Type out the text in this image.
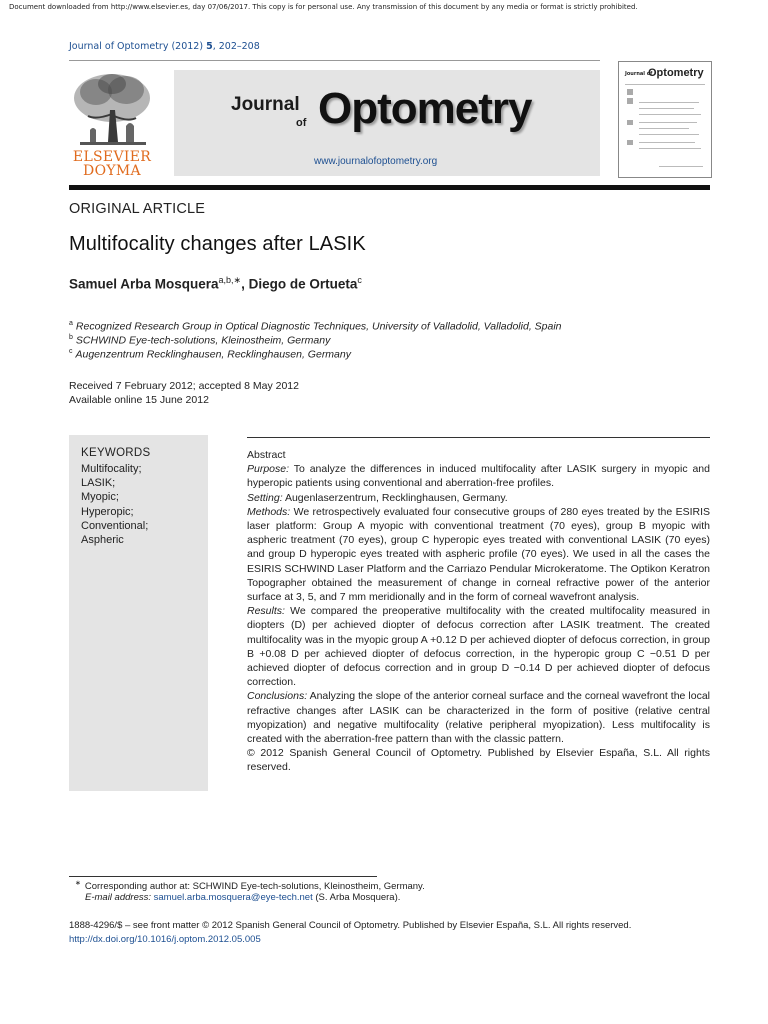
Document downloaded from http://www.elsevier.es, day 07/06/2017. This copy is for personal use. Any transmission of this document by any media or format is strictly prohibited.
Journal of Optometry (2012) 5, 202–208
ELSEVIER
DOYMA
Journal
of Optometry
www.journalofoptometry.org
Journal of
Optometry
ORIGINAL ARTICLE
Multifocality changes after LASIK
Samuel Arba Mosquera$^{a,b,∗}$, Diego de Ortueta$^c$
$^a$ Recognized Research Group in Optical Diagnostic Techniques, University of Valladolid, Valladolid, Spain
$^b$ SCHWIND Eye-tech-solutions, Kleinostheim, Germany
$^c$ Augenzentrum Recklinghausen, Recklinghausen, Germany
Received 7 February 2012; accepted 8 May 2012
Available online 15 June 2012
KEYWORDS
Multifocality;
LASIK;
Myopic;
Hyperopic;
Conventional;
Aspheric
Abstract

Purpose: To analyze the differences in induced multifocality after LASIK surgery in myopic and hyperopic patients using conventional and aberration-free profiles.

Setting: Augenlaserzentrum, Recklinghausen, Germany.

Methods: We retrospectively evaluated four consecutive groups of 280 eyes treated by the ESIRIS laser platform: Group A myopic with conventional treatment (70 eyes), group B myopic with aspheric treatment (70 eyes), group C hyperopic eyes treated with conventional LASIK (70 eyes) and group D hyperopic eyes treated with aspheric profile (70 eyes). We used in all the cases the ESIRIS SCHWIND Laser Platform and the Carriazo Pendular Microkeratome. The Optikon Keratron Topographer obtained the measurement of change in corneal refractive power of the anterior surface at 3, 5, and 7 mm meridionally and in the form of corneal wavefront analysis.

Results: We compared the preoperative multifocality with the created multifocality measured in diopters (D) per achieved diopter of defocus correction after LASIK treatment. The created multifocality was in the myopic group A +0.12 D per achieved diopter of defocus correction, in group B +0.08 D per achieved diopter of defocus correction, in the hyperopic group C −0.51 D per achieved diopter of defocus correction and in group D −0.14 D per achieved diopter of defocus correction.

Conclusions: Analyzing the slope of the anterior corneal surface and the corneal wavefront the local refractive changes after LASIK can be characterized in the form of positive (relative central myopization) and negative multifocality (relative peripheral myopization). Less multifocality is created with the aberration-free pattern than with the classic pattern.

© 2012 Spanish General Council of Optometry. Published by Elsevier España, S.L. All rights reserved.

∗ Corresponding author at: SCHWIND Eye-tech-solutions, Kleinostheim, Germany.
E-mail address: samuel.arba.mosquera@eye-tech.net (S. Arba Mosquera).
1888-4296/$ – see front matter © 2012 Spanish General Council of Optometry. Published by Elsevier España, S.L. All rights reserved.
http://dx.doi.org/10.1016/j.optom.2012.05.005
